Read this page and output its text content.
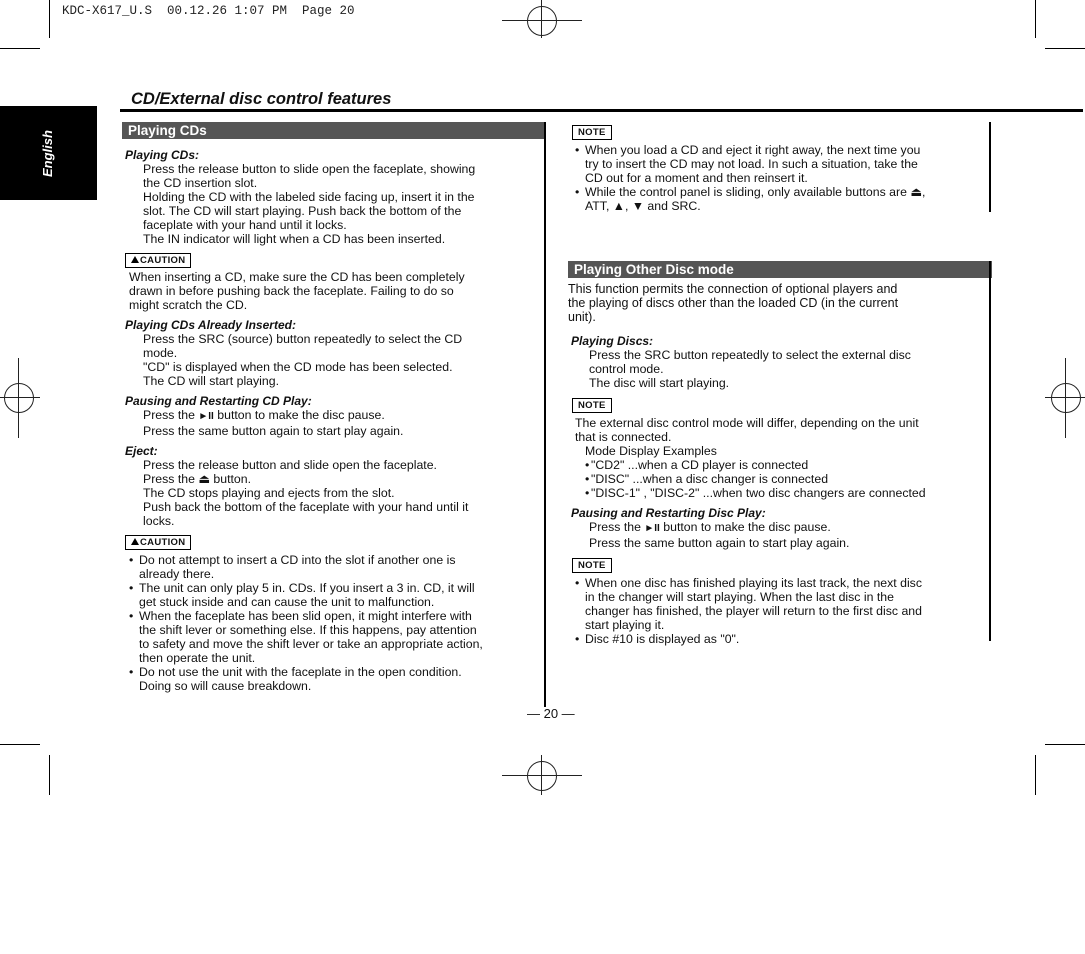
KDC-X617_U.S  00.12.26 1:07 PM  Page 20
English
CD/External disc control features
Playing CDs
Playing CDs:
Press the release button to slide open the faceplate, showing
the CD insertion slot.
Holding the CD with the labeled side facing up, insert it in the
slot. The CD will start playing. Push back the bottom of the
faceplate with your hand until it locks.
The IN indicator will light when a CD has been inserted.
CAUTION
When inserting a CD, make sure the CD has been completely
drawn in before pushing back the faceplate. Failing to do so
might scratch the CD.
Playing CDs Already Inserted:
Press the SRC (source) button repeatedly to select the CD
mode.
"CD" is displayed when the CD mode has been selected.
The CD will start playing.
Pausing and Restarting CD Play:
Press the ►II button to make the disc pause.
Press the same button again to start play again.
Eject:
Press the release button and slide open the faceplate.
Press the ⏏ button.
The CD stops playing and ejects from the slot.
Push back the bottom of the faceplate with your hand until it
locks.
CAUTION
• Do not attempt to insert a CD into the slot if another one is
already there.
• The unit can only play 5 in. CDs. If you insert a 3 in. CD, it will
get stuck inside and can cause the unit to malfunction.
• When the faceplate has been slid open, it might interfere with
the shift lever or something else. If this happens, pay attention
to safety and move the shift lever or take an appropriate action,
then operate the unit.
• Do not use the unit with the faceplate in the open condition.
Doing so will cause breakdown.
— 20 —
NOTE
• When you load a CD and eject it right away, the next time you
try to insert the CD may not load. In such a situation, take the
CD out for a moment and then reinsert it.
• While the control panel is sliding, only available buttons are ⏏,
ATT, ▲, ▼ and SRC.
Playing Other Disc mode
This function permits the connection of optional players and
the playing of discs other than the loaded CD (in the current
unit).
Playing Discs:
Press the SRC button repeatedly to select the external disc
control mode.
The disc will start playing.
NOTE
The external disc control mode will differ, depending on the unit
that is connected.
Mode Display Examples
• "CD2" ...when a CD player is connected
• "DISC" ...when a disc changer is connected
• "DISC-1" , "DISC-2" ...when two disc changers are connected
Pausing and Restarting Disc Play:
Press the ►II button to make the disc pause.
Press the same button again to start play again.
NOTE
• When one disc has finished playing its last track, the next disc
in the changer will start playing. When the last disc in the
changer has finished, the player will return to the first disc and
start playing it.
• Disc #10 is displayed as "0".
